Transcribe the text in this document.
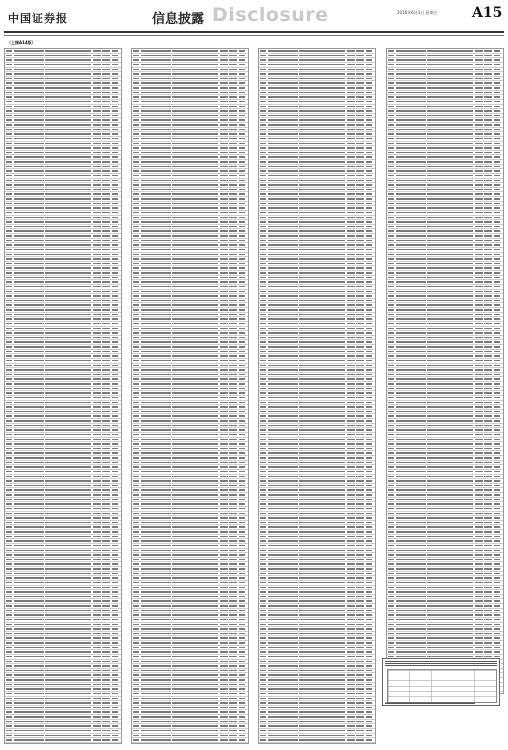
中国证券报	信息披露 Disclosure	2016年6月3日 星期五 A15
（上接A14版）
